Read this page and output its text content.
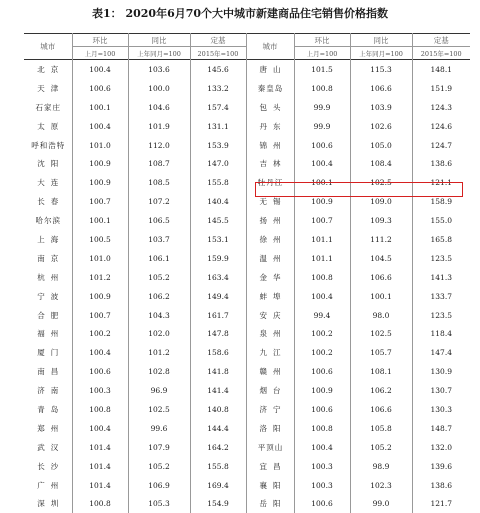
表1： 2020年6月70个大中城市新建商品住宅销售价格指数
城市	环比	同比	定基	城市	环比	同比	定基
	上月=100	上年同月=100	2015年=100		上月=100	上年同月=100	2015年=100
北京	100.4	103.6	145.6	唐山	101.5	115.3	148.1
天津	100.6	100.0	133.2	秦皇岛	100.8	106.6	151.9
石家庄	100.1	104.6	157.4	包头	99.9	103.9	124.3
太原	100.4	101.9	131.1	丹东	99.9	102.6	124.6
呼和浩特	101.0	112.0	153.9	锦州	100.6	105.0	124.7
沈阳	100.9	108.7	147.0	吉林	100.4	108.4	138.6
大连	100.9	108.5	155.8	牡丹江	100.1	102.5	121.1
长春	100.7	107.2	140.4	无锡	100.9	109.0	158.9
哈尔滨	100.1	106.5	145.5	扬州	100.7	109.3	155.0
上海	100.5	103.7	153.1	徐州	101.1	111.2	165.8
南京	101.0	106.1	159.9	温州	101.1	104.5	123.5
杭州	101.2	105.2	163.4	金华	100.8	106.6	141.3
宁波	100.9	106.2	149.4	蚌埠	100.4	100.1	133.7
合肥	100.7	104.3	161.7	安庆	99.4	98.0	123.5
福州	100.2	102.0	147.8	泉州	100.2	102.5	118.4
厦门	100.4	101.2	158.6	九江	100.2	105.7	147.4
南昌	100.6	102.8	141.8	赣州	100.6	108.1	130.9
济南	100.3	96.9	141.4	烟台	100.9	106.2	130.7
青岛	100.8	102.5	140.8	济宁	100.6	106.6	130.3
郑州	100.4	99.6	144.4	洛阳	100.8	105.8	148.7
武汉	101.4	107.9	164.2	平顶山	100.4	105.2	132.0
长沙	101.4	105.2	155.8	宜昌	100.3	98.9	139.6
广州	101.4	106.9	169.4	襄阳	100.3	102.3	138.6
深圳	100.8	105.3	154.9	岳阳	100.6	99.0	121.7
